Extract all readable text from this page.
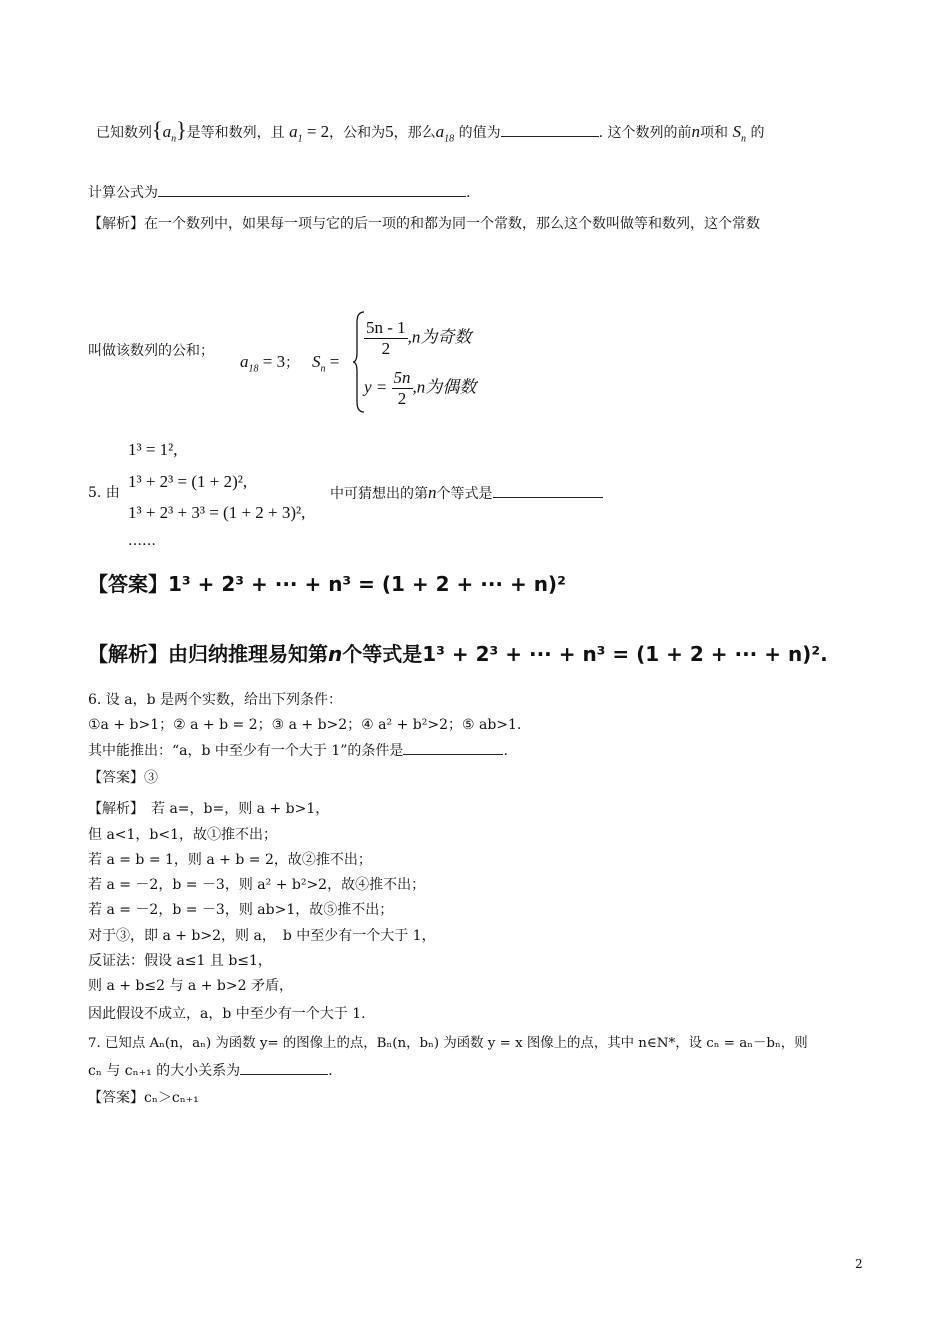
已知数列$\{a_n\}$是等和数列，且 $a_1 = 2$，公和为5，那么$a_{18}$ 的值为	. 这个数列的前n项和 $S_n$ 的
计算公式为	.
【解析】在一个数列中，如果每一项与它的后一项的和都为同一个常数，那么这个数叫做等和数列，这个常数
叫做该数列的公和；
$a_{18} = 3$； $S_n$ =
$\frac{5n - 1}{2} ,n$为奇数
$y = \frac{5n}{2} ,n$为偶数
1³ = 1²,
1³ + 2³ = (1 + 2)²,
5. 由
1³ + 2³ + 3³ = (1 + 2 + 3)²,
……
中可猜想出的第n个等式是
【答案】1³ + 2³ + ··· + n³ = (1 + 2 + ··· + n)²
【解析】由归纳推理易知第n个等式是1³ + 2³ + ··· + n³ = (1 + 2 + ··· + n)².
6. 设 a，b 是两个实数，给出下列条件：
①a + b>1；② a + b = 2；③ a + b>2；④ a² + b²>2；⑤ ab>1.
其中能推出：“a，b 中至少有一个大于 1”的条件是	.
【答案】③
【解析】　若 a=，b=，则 a + b>1，
但 a<1，b<1，故①推不出；
若 a = b = 1，则 a + b = 2，故②推不出；
若 a = －2，b = －3，则 a² + b²>2，故④推不出；
若 a = －2，b = －3，则 ab>1，故⑤推不出；
对于③，即 a + b>2，则 a，　b 中至少有一个大于 1，
反证法：假设 a≤1 且 b≤1，
则 a + b≤2 与 a + b>2 矛盾，
因此假设不成立，a，b 中至少有一个大于 1.
7. 已知点 Aₙ(n，aₙ) 为函数 y= 的图像上的点，Bₙ(n，bₙ) 为函数 y = x 图像上的点，其中 n∈N*，设 cₙ = aₙ－bₙ，则
cₙ 与 cₙ₊₁ 的大小关系为	.
【答案】cₙ＞cₙ₊₁
2
